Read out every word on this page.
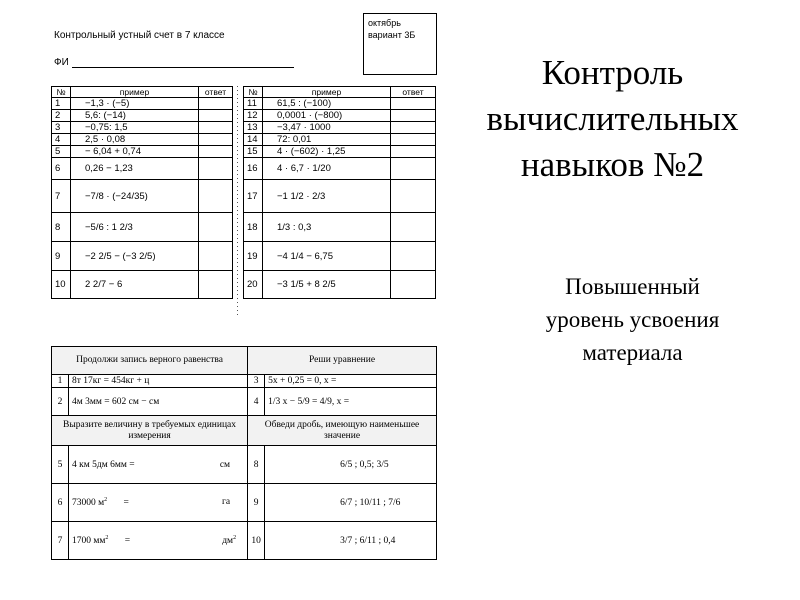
Контрольный устный счет в 7 классе
ФИ
октябрь
вариант 3Б
Контроль
вычислительных
навыков №2
Повышенный
уровень усвоения
материала
№	пример	ответ
1	−1,3 · (−5)	
2	5,6: (−14)	
3	−0,75: 1,5	
4	2,5 · 0,08	
5	− 6,04 + 0,74	
6	0,26 − 1,23	
7	−7/8 · (−24/35)	
8	−5/6 : 1 2/3	
9	−2 2/5 − (−3 2/5)	
10	2 2/7 − 6	
№	пример	ответ
11	61,5 : (−100)	
12	0,0001 · (−800)	
13	−3,47 · 1000	
14	72: 0,01	
15	4 · (−602) · 1,25	
16	4 · 6,7 · 1/20	
17	−1 1/2 · 2/3	
18	1/3 : 0,3	
19	−4 1/4 − 6,75	
20	−3 1/5 + 8 2/5	
Продолжи запись верного равенства		Реши уравнение	
1	8т 17кг = 454кг + ц	3	5x + 0,25 = 0, x =
2	4м 3мм = 602 см − см	4	1/3 x − 5/9 = 4/9, x =
Выразите величину в требуемых единицах измерения		Обведи дробь, имеющую наименьшее значение	
5	4 км 5дм 6мм = см	8	6/5 ; 0,5; 3/5
6	73000 $м^2$ = га	9	6/7 ; 10/11 ; 7/6
7	1700 $мм^2 = дм^2$	10	3/7 ; 6/11 ; 0,4
